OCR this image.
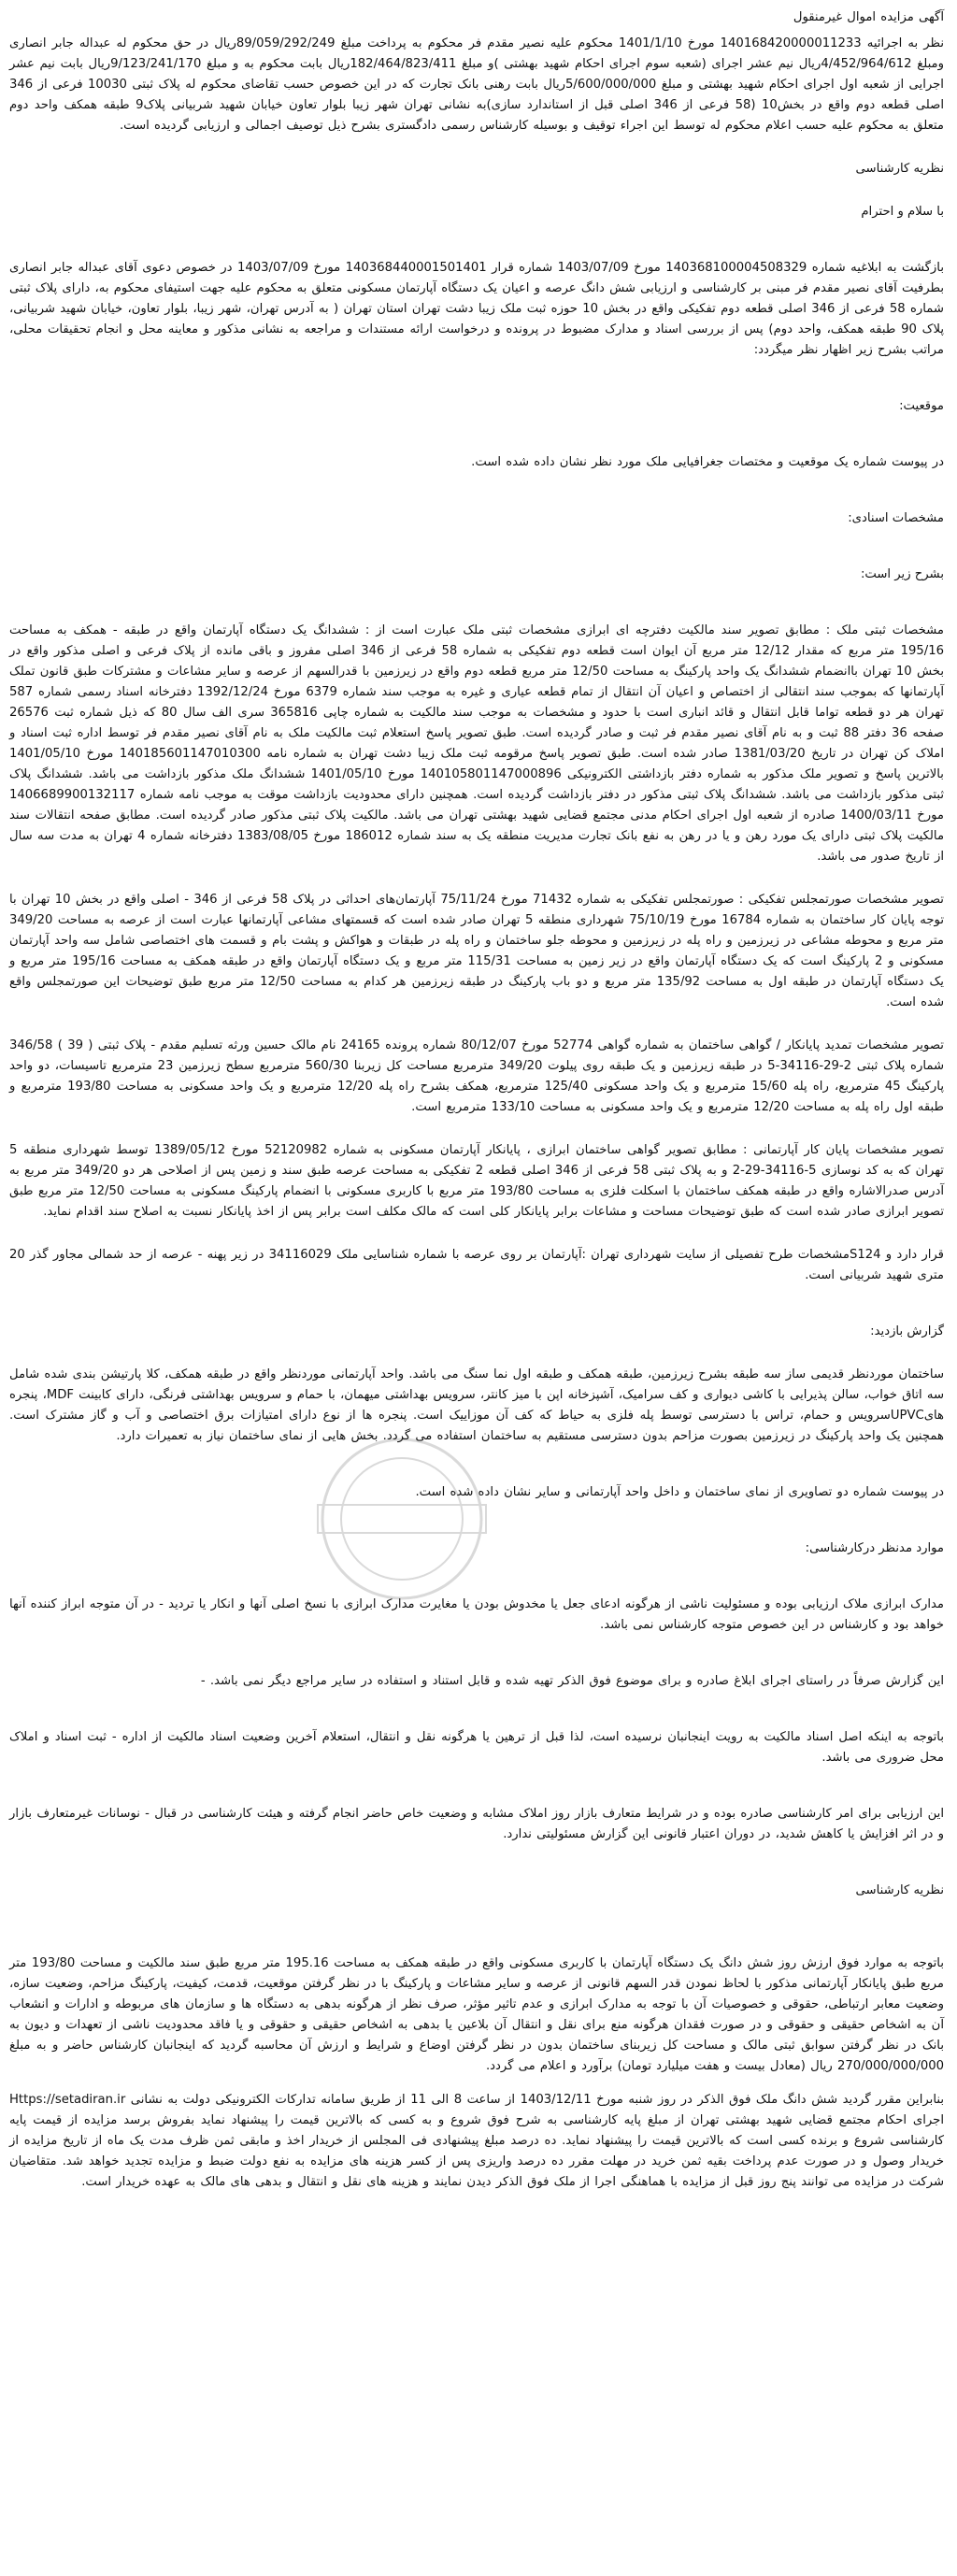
آگهی مزایده اموال غیرمنقول

نظر به اجرائیه 140168420000011233 مورخ 1401/1/10 محکوم علیه نصیر مقدم فر محکوم به پرداخت مبلغ 89/059/292/249ریال در حق محکوم له عبداله جابر انصاری ومبلغ 4/452/964/612ریال نیم عشر اجرای (شعبه سوم اجرای احکام شهید بهشتی )و مبلغ 182/464/823/411ریال بابت محکوم به و مبلغ 9/123/241/170ریال بابت نیم عشر اجرایی از شعبه اول اجرای احکام شهید بهشتی و مبلغ 5/600/000/000ریال بابت رهنی بانک تجارت که در این خصوص حسب تقاضای محکوم له پلاک ثبتی 10030 فرعی از 346 اصلی قطعه دوم واقع در بخش10 (58 فرعی از 346 اصلی قبل از استاندارد سازی)به نشانی تهران شهر زیبا بلوار تعاون خیابان شهید شربیانی پلاک9 طبقه همکف واحد دوم متعلق به محکوم علیه حسب اعلام محکوم له توسط این اجراء توقیف و بوسیله کارشناس رسمی دادگستری بشرح ذیل توصیف اجمالی و ارزیابی گردیده است.

نظریه کارشناسی

با سلام و احترام

بازگشت به ابلاغیه شماره 140368100004508329 مورخ 1403/07/09 شماره قرار 140368440001501401 مورخ 1403/07/09 در خصوص دعوی آقای عبداله جابر انصاری بطرفیت آقای نصیر مقدم فر مبنی بر کارشناسی و ارزیابی شش دانگ عرصه و اعیان یک دستگاه آپارتمان مسکونی متعلق به محکوم علیه جهت استیفای محکوم به، دارای پلاک ثبتی شماره 58 فرعی از 346 اصلی قطعه دوم تفکیکی واقع در بخش 10 حوزه ثبت ملک زیبا دشت تهران استان تهران ( به آدرس تهران، شهر زیبا، بلوار تعاون، خیابان شهید شربیانی، پلاک 90 طبقه همکف، واحد دوم) پس از بررسی اسناد و مدارک مضبوط در پرونده و درخواست ارائه مستندات و مراجعه به نشانی مذکور و معاینه محل و انجام تحقیقات محلی، مراتب بشرح زیر اظهار نظر میگردد:

موقعیت:

در پیوست شماره یک موقعیت و مختصات جغرافیایی ملک مورد نظر نشان داده شده است.

مشخصات اسنادی:

بشرح زیر است:

مشخصات ثبتی ملک : مطابق تصویر سند مالکیت دفترچه ای ابرازی مشخصات ثبتی ملک عبارت است از : ششدانگ یک دستگاه آپارتمان واقع در طبقه - همکف به مساحت 195/16 متر مربع که مقدار 12/12 متر مربع آن ایوان است قطعه دوم تفکیکی به شماره 58 فرعی از 346 اصلی مفروز و باقی مانده از پلاک فرعی و اصلی مذکور واقع در بخش 10 تهران باانضمام ششدانگ یک واحد پارکینگ به مساحت 12/50 متر مربع قطعه دوم واقع در زیرزمین با قدرالسهم از عرصه و سایر مشاعات و مشترکات طبق قانون تملک آپارتمانها که بموجب سند انتقالی از اختصاص و اعیان آن انتقال از تمام قطعه عیاری و غیره به موجب سند شماره 6379 مورخ 1392/12/24 دفترخانه اسناد رسمی شماره 587 تهران هر دو قطعه تواما قابل انتقال و قائد انباری است با حدود و مشخصات به موجب سند مالکیت به شماره چاپی 365816 سری الف سال 80 که ذیل شماره ثبت 26576 صفحه 36 دفتر 88 ثبت و به نام آقای نصیر مقدم فر ثبت و صادر گردیده است. طبق تصویر پاسخ استعلام ثبت مالکیت ملک به نام آقای نصیر مقدم فر توسط اداره ثبت اسناد و املاک کن تهران در تاریخ 1381/03/20 صادر شده است. طبق تصویر پاسخ مرقومه ثبت ملک زیبا دشت تهران به شماره نامه 140185601147010300 مورخ 1401/05/10 بالاترین پاسخ و تصویر ملک مذکور به شماره دفتر بازداشتی الکترونیکی 140105801147000896 مورخ 1401/05/10 ششدانگ ملک مذکور بازداشت می باشد. ششدانگ پلاک ثبتی مذکور بازداشت می باشد. ششدانگ پلاک ثبتی مذکور در دفتر بازداشت گردیده است. همچنین دارای محدودیت بازداشت موقت به موجب نامه شماره 1406689900132117 مورخ 1400/03/11 صادره از شعبه اول اجرای احکام مدنی مجتمع قضایی شهید بهشتی تهران می باشد. مالکیت پلاک ثبتی مذکور صادر گردیده است. مطابق صفحه انتقالات سند مالکیت پلاک ثبتی دارای یک مورد رهن و یا در رهن به نفع بانک تجارت مدیریت منطقه یک به سند شماره 186012 مورخ 1383/08/05 دفترخانه شماره 4 تهران به مدت سه سال از تاریخ صدور می باشد.

تصویر مشخصات صورتمجلس تفکیکی : صورتمجلس تفکیکی به شماره 71432 مورخ 75/11/24 آپارتمان‌های احداثی در پلاک 58 فرعی از 346 - اصلی واقع در بخش 10 تهران با توجه پایان کار ساختمان به شماره 16784 مورخ 75/10/19 شهرداری منطقه 5 تهران صادر شده است که قسمتهای مشاعی آپارتمانها عبارت است از عرصه به مساحت 349/20 متر مربع و محوطه مشاعی در زیرزمین و راه پله در زیرزمین و محوطه جلو ساختمان و راه پله در طبقات و هواکش و پشت بام و قسمت های اختصاصی شامل سه واحد آپارتمان مسکونی و 2 پارکینگ است که یک دستگاه آپارتمان واقع در زیر زمین به مساحت 115/31 متر مربع و یک دستگاه آپارتمان واقع در طبقه همکف به مساحت 195/16 متر مربع و یک دستگاه آپارتمان در طبقه اول به مساحت 135/92 متر مربع و دو باب پارکینگ در طبقه زیرزمین هر کدام به مساحت 12/50 متر مربع طبق توضیحات این صورتمجلس واقع شده است.

تصویر مشخصات تمدید پایانکار / گواهی ساختمان به شماره گواهی 52774 مورخ 80/12/07 شماره پرونده 24165 نام مالک حسین ورثه تسلیم مقدم - پلاک ثبتی ( 39 ) 346/58 شماره پلاک ثبتی 2-29-34116-5 در طبقه زیرزمین و یک طبقه روی پیلوت 349/20 مترمربع مساحت کل زیربنا 560/30 مترمربع سطح زیرزمین 23 مترمربع تاسیسات، دو واحد پارکینگ 45 مترمربع، راه پله 15/60 مترمربع و یک واحد مسکونی 125/40 مترمربع، همکف بشرح راه پله 12/20 مترمربع و یک واحد مسکونی به مساحت 193/80 مترمربع و طبقه اول راه پله به مساحت 12/20 مترمربع و یک واحد مسکونی به مساحت 133/10 مترمربع است.

تصویر مشخصات پایان کار آپارتمانی : مطابق تصویر گواهی ساختمان ابرازی ، پایانکار آپارتمان مسکونی به شماره 52120982 مورخ 1389/05/12 توسط شهرداری منطقه 5 تهران که به کد نوسازی 5-34116-29-2 و به پلاک ثبتی 58 فرعی از 346 اصلی قطعه 2 تفکیکی به مساحت عرصه طبق سند و زمین پس از اصلاحی هر دو 349/20 متر مربع به آدرس صدرالاشاره واقع در طبقه همکف ساختمان با اسکلت فلزی به مساحت 193/80 متر مربع با کاربری مسکونی با انضمام پارکینگ مسکونی به مساحت 12/50 متر مربع طبق تصویر ابرازی صادر شده است که طبق توضیحات مساحت و مشاعات برابر پایانکار کلی است که مالک مکلف است برابر پس از اخذ پایانکار نسبت به اصلاح سند اقدام نماید.

قرار دارد و S124مشخصات طرح تفصیلی از سایت شهرداری تهران :آپارتمان بر روی عرصه با شماره شناسایی ملک 34116029 در زیر پهنه - عرصه از حد شمالی مجاور گذر 20 متری شهید شربیانی است.

گزارش بازدید:

ساختمان موردنظر قدیمی ساز سه طبقه بشرح زیرزمین، طبقه همکف و طبقه اول نما سنگ می باشد. واحد آپارتمانی موردنظر واقع در طبقه همکف، کلا پارتیشن بندی شده شامل سه اتاق خواب، سالن پذیرایی با کاشی دیواری و کف سرامیک، آشپزخانه اپن با میز کانتر، سرویس بهداشتی میهمان، با حمام و سرویس بهداشتی فرنگی، دارای کابینت MDF، پنجره هایUPVCسرویس و حمام، تراس با دسترسی توسط پله فلزی به حیاط که کف آن موزاییک است. پنجره ها از نوع دارای امتیازات برق اختصاصی و آب و گاز مشترک است. همچنین یک واحد پارکینگ در زیرزمین بصورت مزاحم بدون دسترسی مستقیم به ساختمان استفاده می گردد. بخش هایی از نمای ساختمان نیاز به تعمیرات دارد.

در پیوست شماره دو تصاویری از نمای ساختمان و داخل واحد آپارتمانی و سایر نشان داده شده است.

موارد مدنظر درکارشناسی:

مدارک ابرازی ملاک ارزیابی بوده و مسئولیت ناشی از هرگونه ادعای جعل یا مخدوش بودن یا مغایرت مدارک ابرازی با نسخ اصلی آنها و انکار یا تردید - در آن متوجه ابراز کننده آنها خواهد بود و کارشناس در این خصوص متوجه کارشناس نمی باشد.

این گزارش صرفاً در راستای اجرای ابلاغ صادره و برای موضوع فوق الذکر تهیه شده و قابل استناد و استفاده در سایر مراجع دیگر نمی باشد. -

باتوجه به اینکه اصل اسناد مالکیت به رویت اینجانبان نرسیده است، لذا قبل از ترهین یا هرگونه نقل و انتقال، استعلام آخرین وضعیت اسناد مالکیت از اداره - ثبت اسناد و املاک محل ضروری می باشد.

این ارزیابی برای امر کارشناسی صادره بوده و در شرایط متعارف بازار روز املاک مشابه و وضعیت خاص حاضر انجام گرفته و هیئت کارشناسی در قبال - نوسانات غیرمتعارف بازار و در اثر افزایش یا کاهش شدید، در دوران اعتبار قانونی این گزارش مسئولیتی ندارد.

نظریه کارشناسی

باتوجه به موارد فوق ارزش روز شش دانگ یک دستگاه آپارتمان با کاربری مسکونی واقع در طبقه همکف به مساحت 195.16 متر مربع طبق سند مالکیت و مساحت 193/80 متر مربع طبق پایانکار آپارتمانی مذکور با لحاظ نمودن قدر السهم قانونی از عرصه و سایر مشاعات و پارکینگ با در نظر گرفتن موقعیت، قدمت، کیفیت، پارکینگ مزاحم، وضعیت سازه، وضعیت معابر ارتباطی، حقوقی و خصوصیات آن با توجه به مدارک ابرازی و عدم تاثیر مؤثر، صرف نظر از هرگونه بدهی به دستگاه ها و سازمان های مربوطه و ادارات و انشعاب آن به اشخاص حقیقی و حقوقی و در صورت فقدان هرگونه منع برای نقل و انتقال آن بلاعین یا بدهی به اشخاص حقیقی و حقوقی و یا فاقد محدودیت ناشی از تعهدات و دیون به بانک در نظر گرفتن سوابق ثبتی مالک و مساحت کل زیربنای ساختمان بدون در نظر گرفتن اوضاع و شرایط و ارزش آن محاسبه گردید که اینجانبان کارشناس حاضر و به مبلغ 270/000/000/000 ریال (معادل بیست و هفت میلیارد تومان) برآورد و اعلام می گردد.

بنابراین مقرر گردید شش دانگ ملک فوق الذکر در روز شنبه مورخ 1403/12/11 از ساعت 8 الی 11 از طریق سامانه تدارکات الکترونیکی دولت به نشانی Https://setadiran.ir اجرای احکام مجتمع قضایی شهید بهشتی تهران از مبلغ پایه کارشناسی به شرح فوق شروع و به کسی که بالاترین قیمت را پیشنهاد نماید بفروش برسد مزایده از قیمت پایه کارشناسی شروع و برنده کسی است که بالاترین قیمت را پیشنهاد نماید. ده درصد مبلغ پیشنهادی فی المجلس از خریدار اخذ و مابقی ثمن ظرف مدت یک ماه از تاریخ مزایده از خریدار وصول و در صورت عدم پرداخت بقیه ثمن خرید در مهلت مقرر ده درصد واریزی پس از کسر هزینه های مزایده به نفع دولت ضبط و مزایده تجدید خواهد شد. متقاضیان شرکت در مزایده می توانند پنج روز قبل از مزایده با هماهنگی اجرا از ملک فوق الذکر دیدن نمایند و هزینه های نقل و انتقال و بدهی های مالک به عهده خریدار است.
